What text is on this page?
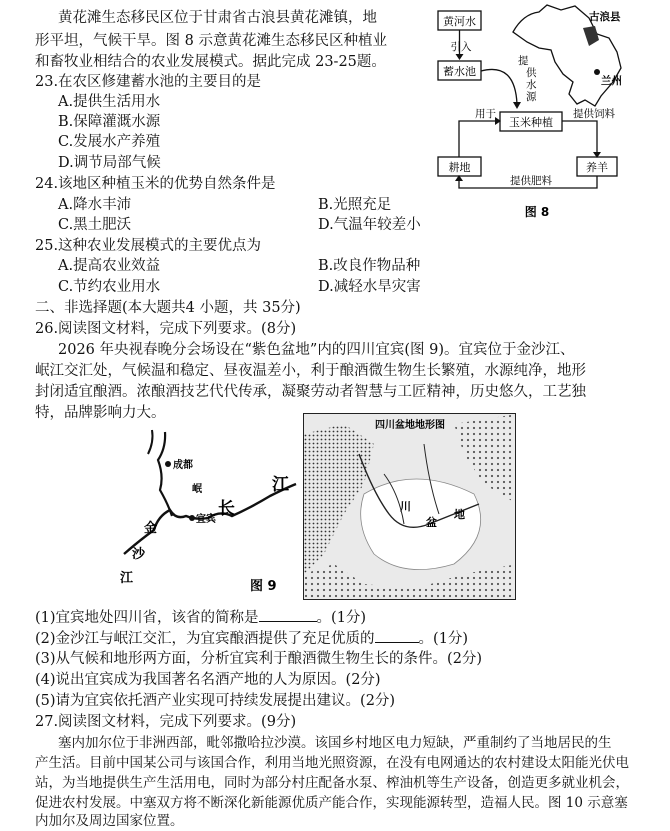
黄花滩生态移民区位于甘肃省古浪县黄花滩镇，地
形平坦，气候干旱。图 8 示意黄花滩生态移民区种植业
和畜牧业相结合的农业发展模式。据此完成 23-25题。
23.在农区修建蓄水池的主要目的是
A.提供生活用水
B.保障灌溉水源
C.发展水产养殖
D.调节局部气候
24.该地区种植玉米的优势自然条件是
A.降水丰沛	B.光照充足
C.黑土肥沃	D.气温年较差小
25.这种农业发展模式的主要优点为
A.提高农业效益	B.改良作物品种
C.节约农业用水	D.减轻水旱灾害
二、非选择题(本大题共4 小题，共 35分)
26.阅读图文材料，完成下列要求。(8分)
2026 年央视春晚分会场设在“紫色盆地”内的四川宜宾(图 9)。宜宾位于金沙江、
岷江交汇处，气候温和稳定、昼夜温差小，利于酿酒微生物生长繁殖，水源纯净，地形
封闭适宜酿酒。浓酿酒技艺代代传承，凝聚劳动者智慧与工匠精神，历史悠久，工艺独
特，品牌影响力大。
黄河水
引入
蓄水池
提
供
水
源
玉米种植
耕地	养羊
用于	提供饲料
提供肥料
古浪县
兰州
图 8
成都
岷
宜宾
长
江
金
沙
江
图 9
四川盆地地形图
川
盆
地
(1)宜宾地处四川省，该省的简称是	。(1分)
(2)金沙江与岷江交汇，为宜宾酿酒提供了充足优质的	。(1分)
(3)从气候和地形两方面，分析宜宾利于酿酒微生物生长的条件。(2分)
(4)说出宜宾成为我国著名名酒产地的人为原因。(2分)
(5)请为宜宾依托酒产业实现可持续发展提出建议。(2分)
27.阅读图文材料，完成下列要求。(9分)
塞内加尔位于非洲西部，毗邻撒哈拉沙漠。该国乡村地区电力短缺，严重制约了当地居民的生
产生活。目前中国某公司与该国合作，利用当地光照资源，在没有电网通达的农村建设太阳能光伏电
站，为当地提供生产生活用电，同时为部分村庄配备水泵、榨油机等生产设备，创造更多就业机会，
促进农村发展。中塞双方将不断深化新能源优质产能合作，实现能源转型，造福人民。图 10 示意塞
内加尔及周边国家位置。
